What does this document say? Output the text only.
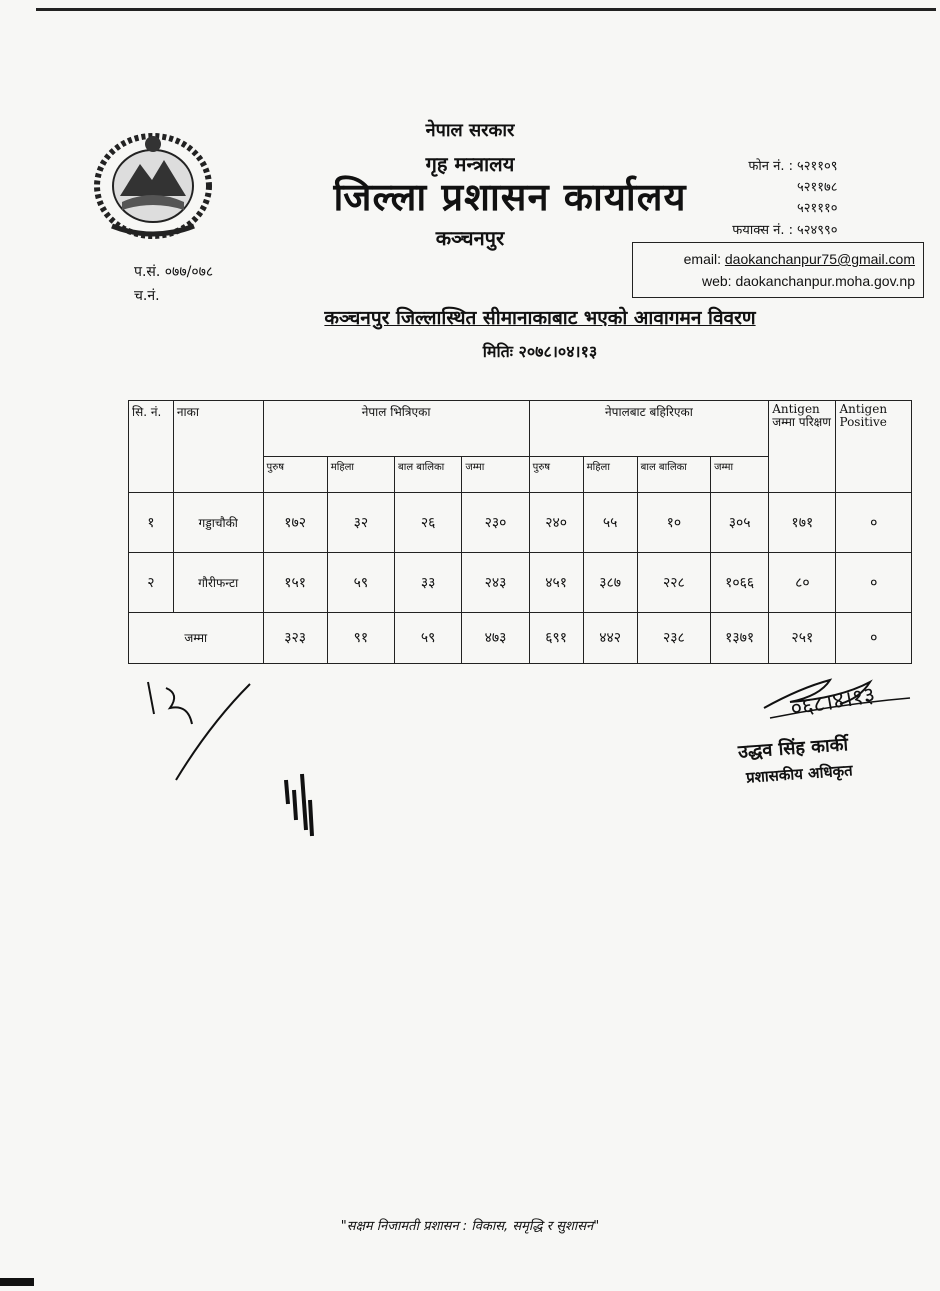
नेपाल सरकार
गृह मन्त्रालय
जिल्ला प्रशासन कार्यालय
कञ्चनपुर
फोन नं. : ५२११०९
५२११७८
५२१११०
फयाक्स नं. : ५२४९९०
email: daokanchanpur75@gmail.com
web: daokanchanpur.moha.gov.np
प.सं. ०७७/०७८
च.नं.
कञ्चनपुर जिल्लास्थित सीमानाकाबाट भएको आवागमन विवरण
मितिः २०७८।०४।१३
सि. नं.	नाका	नेपाल भित्रिएका				नेपालबाट बहिरिएका				Antigen जम्मा परिक्षण	Antigen Positive
		पुरुष	महिला	बाल बालिका	जम्मा	पुरुष	महिला	बाल बालिका	जम्मा		
१	गड्डाचौकी	१७२	३२	२६	२३०	२४०	५५	१०	३०५	१७१	०
२	गौरीफन्टा	१५१	५९	३३	२४३	४५१	३८७	२२८	१०६६	८०	०
जम्मा		३२३	९१	५९	४७३	६९१	४४२	२३८	१३७१	२५१	०
०६८।४।१३
उद्धव सिंह कार्की
प्रशासकीय अधिकृत
"सक्षम निजामती प्रशासन : विकास, समृद्धि र सुशासन"
